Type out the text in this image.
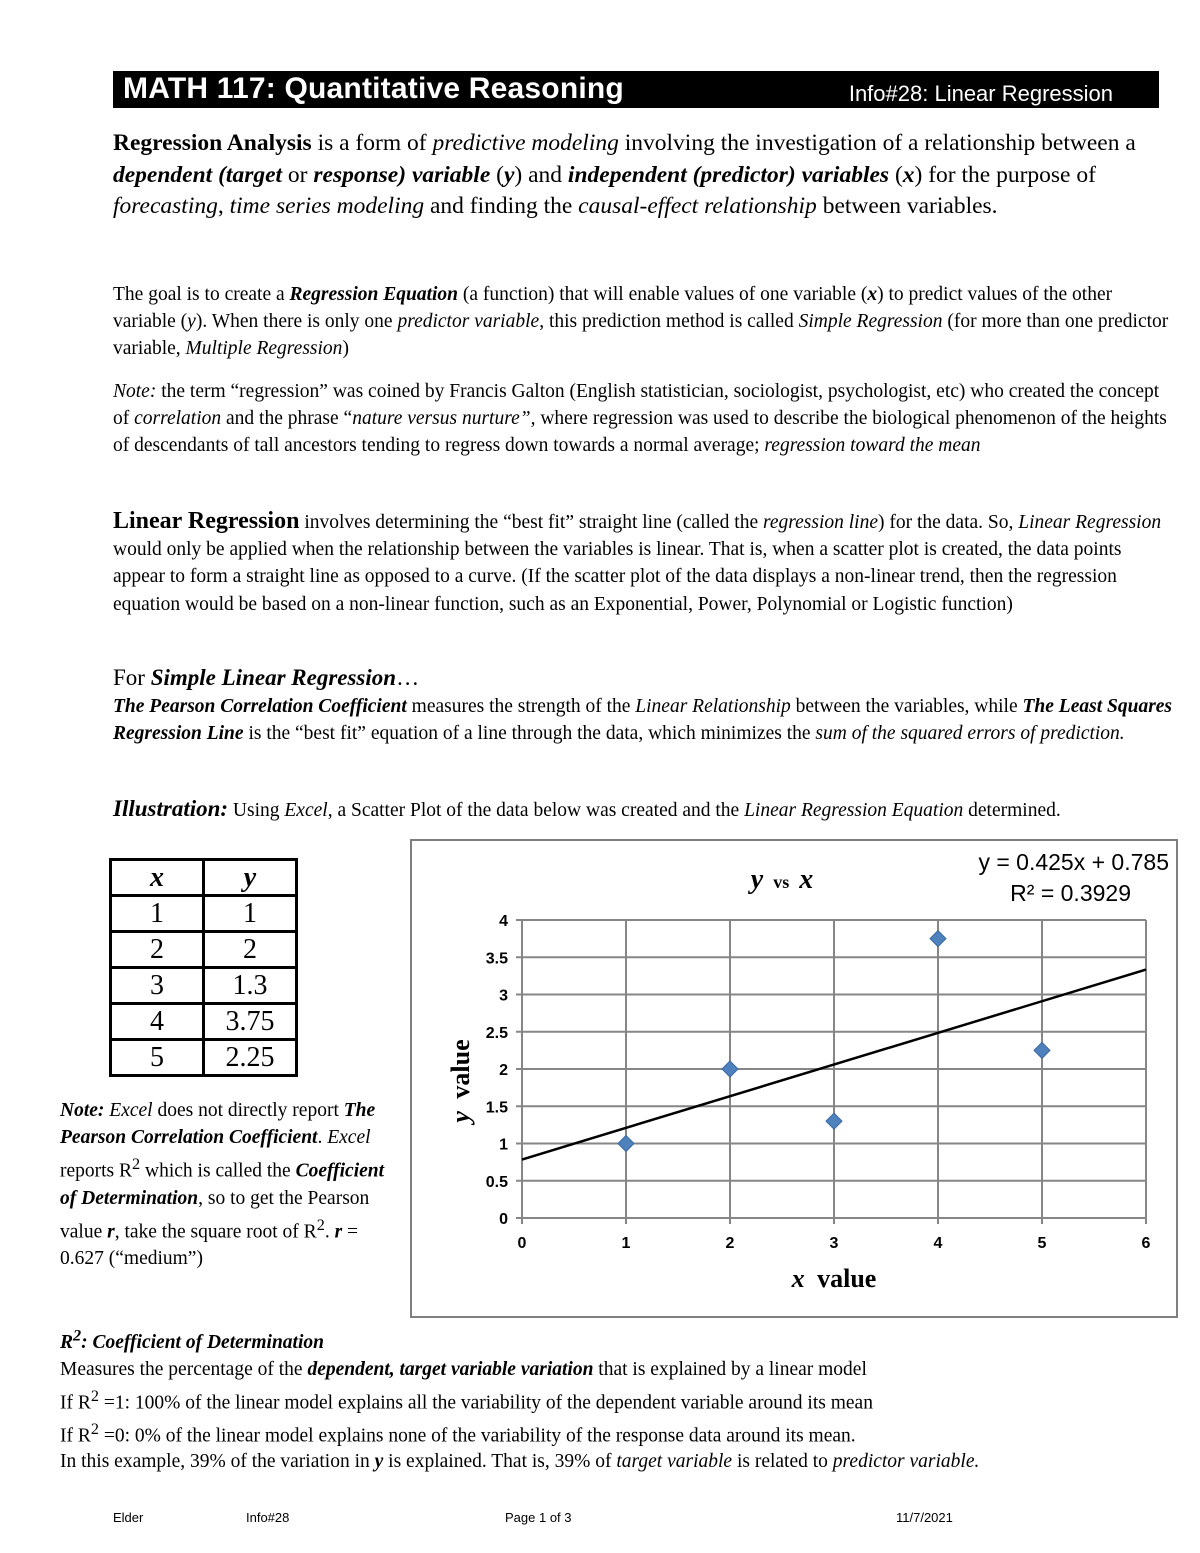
MATH 117: Quantitative Reasoning	Info#28: Linear Regression
Regression Analysis is a form of predictive modeling involving the investigation of a relationship between a dependent (target or response) variable (y) and independent (predictor) variables (x) for the purpose of forecasting, time series modeling and finding the causal-effect relationship between variables.
The goal is to create a Regression Equation (a function) that will enable values of one variable (x) to predict values of the other variable (y). When there is only one predictor variable, this prediction method is called Simple Regression (for more than one predictor variable, Multiple Regression)
Note: the term “regression” was coined by Francis Galton (English statistician, sociologist, psychologist, etc) who created the concept of correlation and the phrase “nature versus nurture”, where regression was used to describe the biological phenomenon of the heights of descendants of tall ancestors tending to regress down towards a normal average; regression toward the mean
Linear Regression involves determining the “best fit” straight line (called the regression line) for the data. So, Linear Regression would only be applied when the relationship between the variables is linear. That is, when a scatter plot is created, the data points appear to form a straight line as opposed to a curve. (If the scatter plot of the data displays a non-linear trend, then the regression equation would be based on a non-linear function, such as an Exponential, Power, Polynomial or Logistic function)
For Simple Linear Regression…
The Pearson Correlation Coefficient measures the strength of the Linear Relationship between the variables, while The Least Squares Regression Line is the “best fit” equation of a line through the data, which minimizes the sum of the squared errors of prediction.
Illustration: Using Excel, a Scatter Plot of the data below was created and the Linear Regression Equation determined.
x	y
1	1
2	2
3	1.3
4	3.75
5	2.25
Note: Excel does not directly report The Pearson Correlation Coefficient. Excel reports $R^2$ which is called the Coefficient of Determination, so to get the Pearson value r, take the square root of $R^2$. r = 0.627 (“medium”)
0	1	2	3	4	5	6
0
0.5
1
1.5
2
2.5
3
3.5
4
y vs x
y = 0.425x + 0.785
R² = 0.3929
x value
y value
$R^2$: Coefficient of Determination
Measures the percentage of the dependent, target variable variation that is explained by a linear model
If $R^2 =1$: 100% of the linear model explains all the variability of the dependent variable around its mean
If $R^2 =0$: 0% of the linear model explains none of the variability of the response data around its mean.
In this example, 39% of the variation in y is explained. That is, 39% of target variable is related to predictor variable.
Elder	Info#28	Page 1 of 3	11/7/2021
